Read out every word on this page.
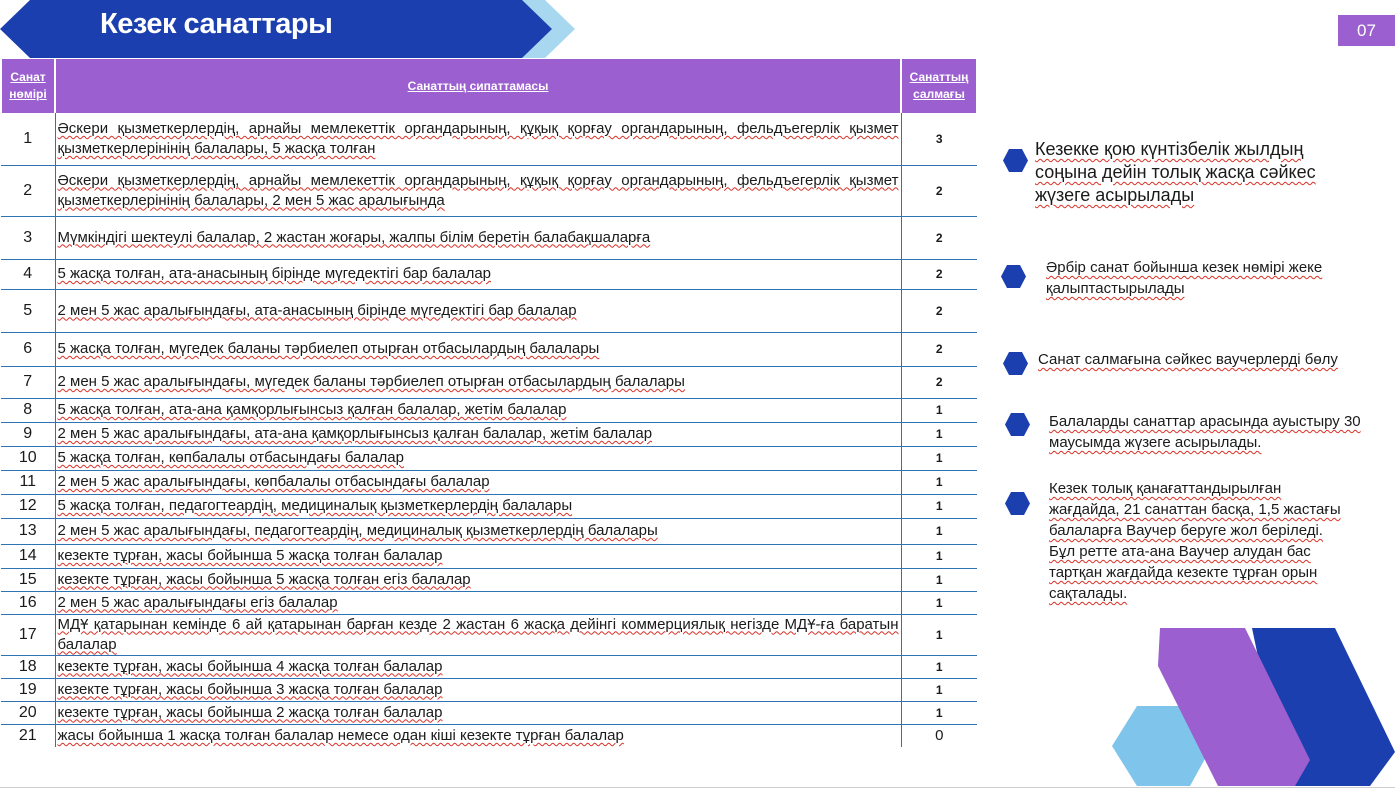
Кезек санаттары	07
Санат нөмірі	Санаттың сипаттамасы	Санаттың салмағы
1	Әскери қызметкерлердің, арнайы мемлекеттік органдарының, құқық қорғау органдарының, фельдъегерлік қызмет қызметкерлерінінің балалары, 5 жасқа толған	3
2	Әскери қызметкерлердің, арнайы мемлекеттік органдарының, құқық қорғау органдарының, фельдъегерлік қызмет қызметкерлерінінің балалары, 2 мен 5 жас аралығында	2
3	Мүмкіндігі шектеулі балалар, 2 жастан жоғары, жалпы білім беретін балабақшаларға	2
4	5 жасқа толған, ата-анасының бірінде мүгедектігі бар балалар	2
5	2 мен 5 жас аралығындағы, ата-анасының бірінде мүгедектігі бар балалар	2
6	5 жасқа толған, мүгедек баланы тәрбиелеп отырған отбасылардың балалары	2
7	2 мен 5 жас аралығындағы, мүгедек баланы тәрбиелеп отырған отбасылардың балалары	2
8	5 жасқа толған, ата-ана қамқорлығынсыз қалған балалар, жетім балалар	1
9	2 мен 5 жас аралығындағы, ата-ана қамқорлығынсыз қалған балалар, жетім балалар	1
10	5 жасқа толған, көпбалалы отбасындағы балалар	1
11	2 мен 5 жас аралығындағы, көпбалалы отбасындағы балалар	1
12	5 жасқа толған, педагогтеардің, медициналық қызметкерлердің балалары	1
13	2 мен 5 жас аралығындағы, педагогтеардің, медициналық қызметкерлердің балалары	1
14	кезекте тұрған, жасы бойынша 5 жасқа толған балалар	1
15	кезекте тұрған, жасы бойынша 5 жасқа толған егіз балалар	1
16	2 мен 5 жас аралығындағы егіз балалар	1
17	МДҰ қатарынан кемінде 6 ай қатарынан барған кезде 2 жастан 6 жасқа дейінгі коммерциялық негізде МДҰ-ға баратын балалар	1
18	кезекте тұрған, жасы бойынша 4 жасқа толған балалар	1
19	кезекте тұрған, жасы бойынша 3 жасқа толған балалар	1
20	кезекте тұрған, жасы бойынша 2 жасқа толған балалар	1
21	жасы бойынша 1 жасқа толған балалар немесе одан кіші кезекте тұрған балалар	0
Кезекке қою күнтізбелік жылдың соңына дейін толық жасқа сәйкес жүзеге асырылады
Әрбір санат бойынша кезек нөмірі жеке қалыптастырылады
Санат салмағына сәйкес ваучерлерді бөлу
Балаларды санаттар арасында ауыстыру 30 маусымда жүзеге асырылады.
Кезек толық қанағаттандырылған жағдайда, 21 санаттан басқа, 1,5 жастағы балаларға Ваучер беруге жол беріледі. Бұл ретте ата-ана Ваучер алудан бас тартқан жағдайда кезекте тұрған орын сақталады.
